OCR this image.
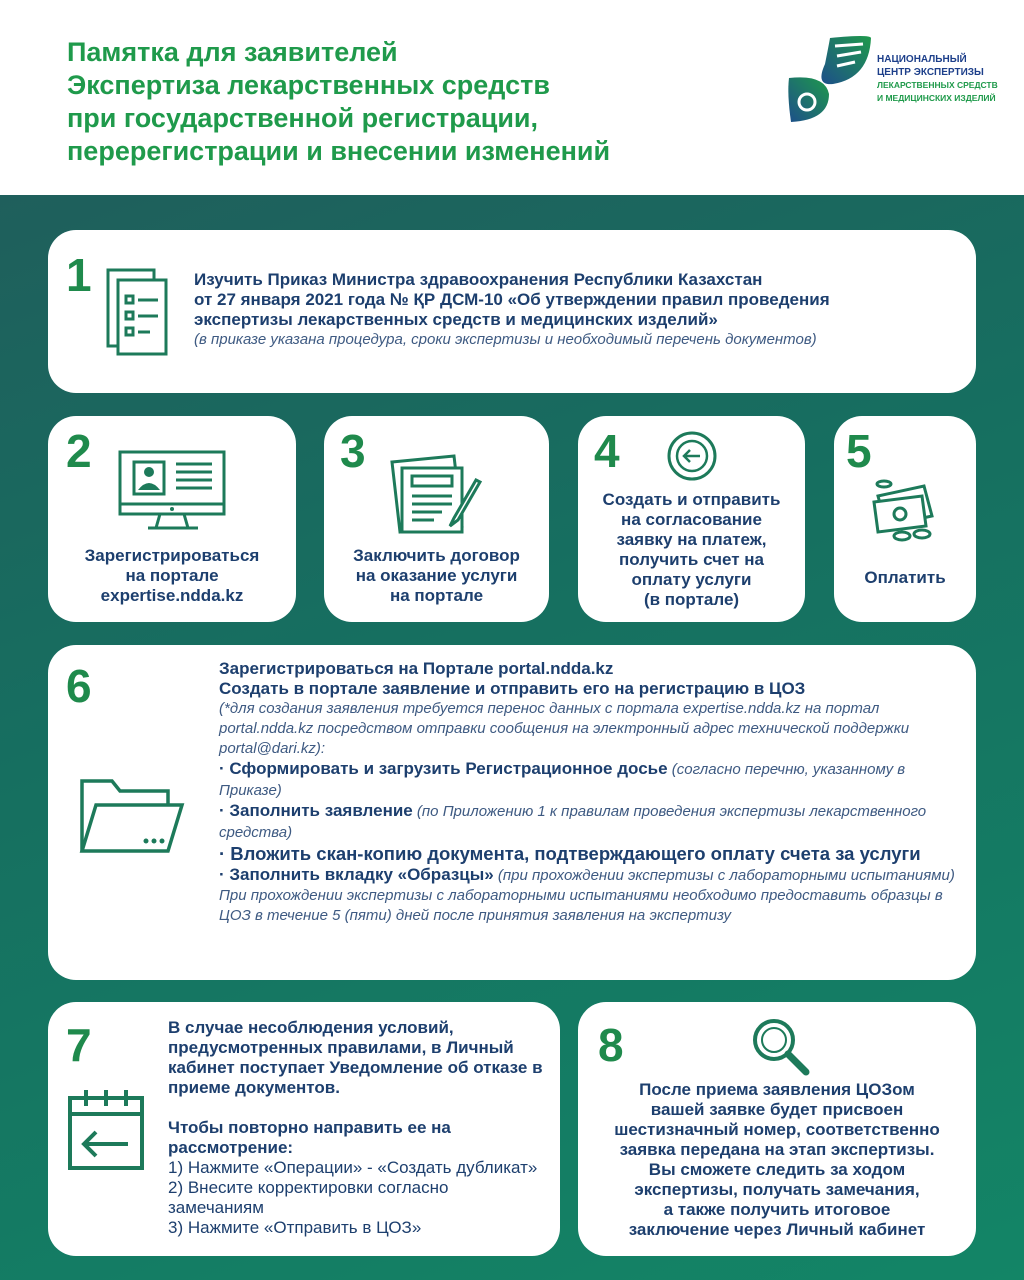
Памятка для заявителей
Экспертиза лекарственных средств
при государственной регистрации,
перерегистрации и внесении изменений
НАЦИОНАЛЬНЫЙ
ЦЕНТР ЭКСПЕРТИЗЫ
ЛЕКАРСТВЕННЫХ СРЕДСТВ
И МЕДИЦИНСКИХ ИЗДЕЛИЙ
1	Изучить Приказ Министра здравоохранения Республики Казахстан
от 27 января 2021 года № ҚР ДСМ-10 «Об утверждении правил проведения
экспертизы лекарственных средств и медицинских изделий»
(в приказе указана процедура, сроки экспертизы и необходимый перечень документов)
2
Зарегистрироваться
на портале
expertise.ndda.kz
3
Заключить договор
на оказание услуги
на портале
4
Создать и отправить
на согласование
заявку на платеж,
получить счет на
оплату услуги
(в портале)
5
Оплатить
6	Зарегистрироваться на Портале portal.ndda.kz
Создать в портале заявление и отправить его на регистрацию в ЦОЗ
(*для создания заявления требуется перенос данных с портала expertise.ndda.kz на портал portal.ndda.kz посредством отправки сообщения на электронный адрес технической поддержки portal@dari.kz):
· Сформировать и загрузить Регистрационное досье (согласно перечню, указанному в Приказе)
· Заполнить заявление (по Приложению 1 к правилам проведения экспертизы лекарственного средства)
· Вложить скан-копию документа, подтверждающего оплату счета за услуги
· Заполнить вкладку «Образцы» (при прохождении экспертизы с лабораторными испытаниями)
При прохождении экспертизы с лабораторными испытаниями необходимо предоставить образцы в ЦОЗ в течение 5 (пяти) дней после принятия заявления на экспертизу
7	В случае несоблюдения условий, предусмотренных правилами, в Личный кабинет поступает Уведомление об отказе в приеме документов.
Чтобы повторно направить ее на рассмотрение:
1) Нажмите «Операции» - «Создать дубликат»
2) Внесите корректировки согласно замечаниям
3) Нажмите «Отправить в ЦОЗ»
8
После приема заявления ЦОЗом
вашей заявке будет присвоен
шестизначный номер, соответственно
заявка передана на этап экспертизы.
Вы сможете следить за ходом
экспертизы, получать замечания,
а также получить итоговое
заключение через Личный кабинет
